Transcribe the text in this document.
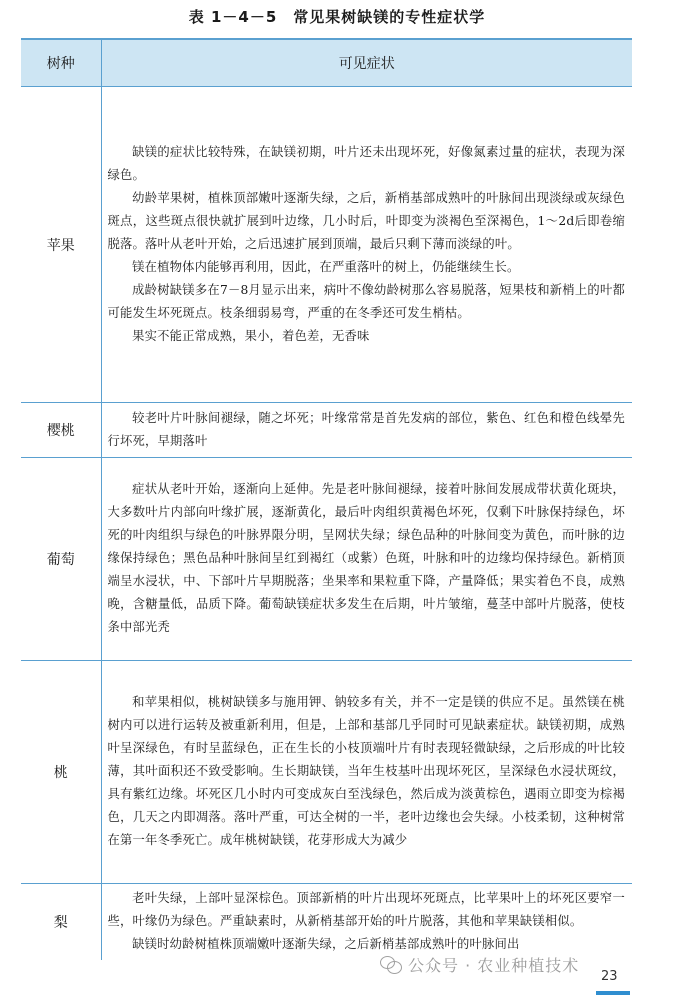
表 1－4－5　常见果树缺镁的专性症状学
树种	可见症状
苹果	缺镁的症状比较特殊，在缺镁初期，叶片还未出现坏死，好像氮素过量的症状，表现为深绿色。

幼龄苹果树，植株顶部嫩叶逐渐失绿，之后，新梢基部成熟叶的叶脉间出现淡绿或灰绿色斑点，这些斑点很快就扩展到叶边缘，几小时后，叶即变为淡褐色至深褐色，1～2d后即卷缩脱落。落叶从老叶开始，之后迅速扩展到顶端，最后只剩下薄而淡绿的叶。

镁在植物体内能够再利用，因此，在严重落叶的树上，仍能继续生长。

成龄树缺镁多在7－8月显示出来，病叶不像幼龄树那么容易脱落，短果枝和新梢上的叶都可能发生坏死斑点。枝条细弱易弯，严重的在冬季还可发生梢枯。

果实不能正常成熟，果小，着色差，无香味

樱桃	较老叶片叶脉间褪绿，随之坏死；叶缘常常是首先发病的部位，紫色、红色和橙色线晕先行坏死，早期落叶

葡萄	症状从老叶开始，逐渐向上延伸。先是老叶脉间褪绿，接着叶脉间发展成带状黄化斑块，大多数叶片内部向叶缘扩展，逐渐黄化，最后叶肉组织黄褐色坏死，仅剩下叶脉保持绿色，坏死的叶肉组织与绿色的叶脉界限分明，呈网状失绿；绿色品种的叶脉间变为黄色，而叶脉的边缘保持绿色；黑色品种叶脉间呈红到褐红（或紫）色斑，叶脉和叶的边缘均保持绿色。新梢顶端呈水浸状，中、下部叶片早期脱落；坐果率和果粒重下降，产量降低；果实着色不良，成熟晚，含糖量低，品质下降。葡萄缺镁症状多发生在后期，叶片皱缩，蔓茎中部叶片脱落，使枝条中部光秃

桃	和苹果相似，桃树缺镁多与施用钾、钠较多有关，并不一定是镁的供应不足。虽然镁在桃树内可以进行运转及被重新利用，但是，上部和基部几乎同时可见缺素症状。缺镁初期，成熟叶呈深绿色，有时呈蓝绿色，正在生长的小枝顶端叶片有时表现轻微缺绿，之后形成的叶比较薄，其叶面积还不致受影响。生长期缺镁，当年生枝基叶出现坏死区，呈深绿色水浸状斑纹，具有紫红边缘。坏死区几小时内可变成灰白至浅绿色，然后成为淡黄棕色，遇雨立即变为棕褐色，几天之内即凋落。落叶严重，可达全树的一半，老叶边缘也会失绿。小枝柔韧，这种树常在第一年冬季死亡。成年桃树缺镁，花芽形成大为减少

梨	老叶失绿，上部叶显深棕色。顶部新梢的叶片出现坏死斑点，比苹果叶上的坏死区要窄一些，叶缘仍为绿色。严重缺素时，从新梢基部开始的叶片脱落，其他和苹果缺镁相似。

缺镁时幼龄树植株顶端嫩叶逐渐失绿，之后新梢基部成熟叶的叶脉间出

公众号 · 农业种植技术
23
